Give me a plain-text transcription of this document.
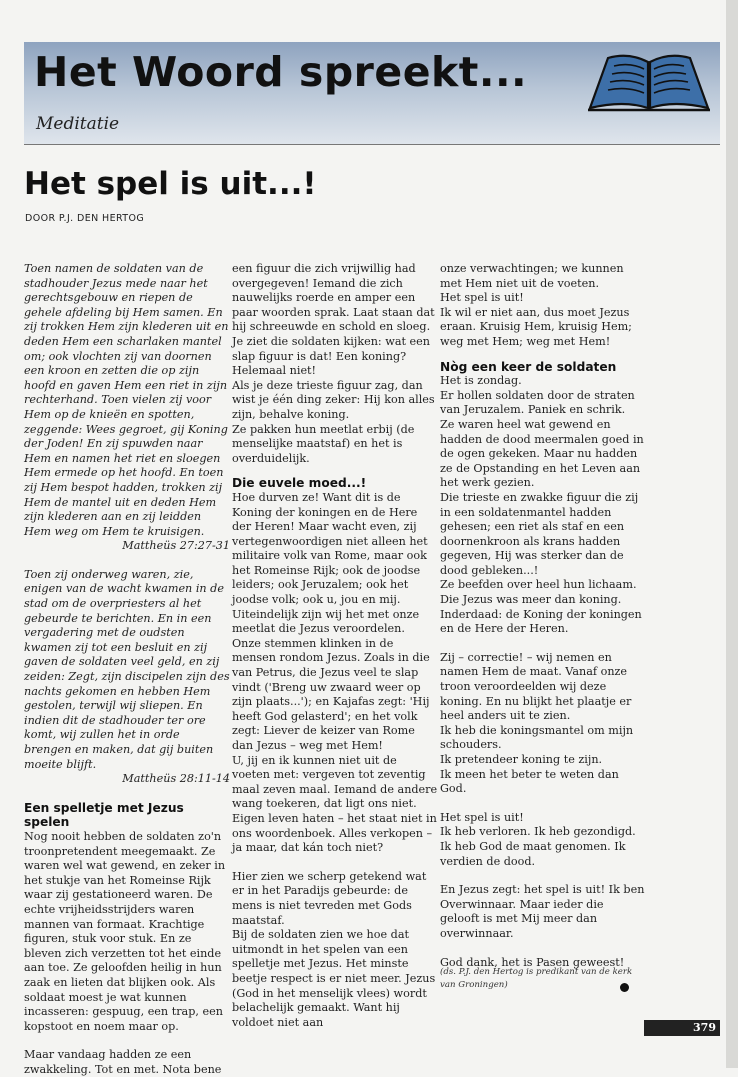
Het Woord spreekt...
Meditatie
Het spel is uit...!
DOOR P.J. DEN HERTOG

Toen namen de soldaten van de stadhouder Jezus mede naar het gerechtsgebouw en riepen de gehele afdeling bij Hem samen. En zij trokken Hem zijn klederen uit en deden Hem een scharlaken mantel om; ook vlochten zij van doornen een kroon en zetten die op zijn hoofd en gaven Hem een riet in zijn rechterhand. Toen vielen zij voor Hem op de knieën en spotten, zeggende: Wees gegroet, gij Koning der Joden! En zij spuwden naar Hem en namen het riet en sloegen Hem ermede op het hoofd. En toen zij Hem bespot hadden, trokken zij Hem de mantel uit en deden Hem zijn klederen aan en zij leidden Hem weg om Hem te kruisigen.

Mattheüs 27:27-31

Toen zij onderweg waren, zie, enigen van de wacht kwamen in de stad om de overpriesters al het gebeurde te berichten. En in een vergadering met de oudsten kwamen zij tot een besluit en zij gaven de soldaten veel geld, en zij zeiden: Zegt, zijn discipelen zijn des nachts gekomen en hebben Hem gestolen, terwijl wij sliepen. En indien dit de stadhouder ter ore komt, wij zullen het in orde brengen en maken, dat gij buiten moeite blijft.

Mattheüs 28:11-14

Een spelletje met Jezus spelen

Nog nooit hebben de soldaten zo'n troonpretendent meegemaakt. Ze waren wel wat gewend, en zeker in het stukje van het Romeinse Rijk waar zij gestationeerd waren. De echte vrijheidsstrijders waren mannen van formaat. Krachtige figuren, stuk voor stuk. En ze bleven zich verzetten tot het einde aan toe. Ze geloofden heilig in hun zaak en lieten dat blijken ook. Als soldaat moest je wat kunnen incasseren: gespuug, een trap, een kopstoot en noem maar op.

Maar vandaag hadden ze een zwakkeling. Tot en met. Nota bene

een figuur die zich vrijwillig had overgegeven! Iemand die zich nauwelijks roerde en amper een paar woorden sprak. Laat staan dat hij schreeuwde en schold en sloeg.

Je ziet die soldaten kijken: wat een slap figuur is dat! Een koning? Helemaal niet!

Als je deze trieste figuur zag, dan wist je één ding zeker: Hij kon alles zijn, behalve koning.

Ze pakken hun meetlat erbij (de menselijke maatstaf) en het is overduidelijk.

Die euvele moed...!

Hoe durven ze! Want dit is de Koning der koningen en de Here der Heren! Maar wacht even, zij vertegenwoordigen niet alleen het militaire volk van Rome, maar ook het Romeinse Rijk; ook de joodse leiders; ook Jeruzalem; ook het joodse volk; ook u, jou en mij.

Uiteindelijk zijn wij het met onze meetlat die Jezus veroordelen.

Onze stemmen klinken in de mensen rondom Jezus. Zoals in die van Petrus, die Jezus veel te slap vindt ('Breng uw zwaard weer op zijn plaats...'); en Kajafas zegt: 'Hij heeft God gelasterd'; en het volk zegt: Liever de keizer van Rome dan Jezus – weg met Hem!

U, jij en ik kunnen niet uit de voeten met: vergeven tot zeventig maal zeven maal. Iemand de andere wang toekeren, dat ligt ons niet. Eigen leven haten – het staat niet in ons woordenboek. Alles verkopen – ja maar, dat kán toch niet?

Hier zien we scherp getekend wat er in het Paradijs gebeurde: de mens is niet tevreden met Gods maatstaf.

Bij de soldaten zien we hoe dat uitmondt in het spelen van een spelletje met Jezus. Het minste beetje respect is er niet meer. Jezus (God in het menselijk vlees) wordt belachelijk gemaakt. Want hij voldoet niet aan

onze verwachtingen; we kunnen met Hem niet uit de voeten.

Het spel is uit!

Ik wil er niet aan, dus moet Jezus eraan. Kruisig Hem, kruisig Hem; weg met Hem; weg met Hem!

Nòg een keer de soldaten

Het is zondag.

Er hollen soldaten door de straten van Jeruzalem. Paniek en schrik.

Ze waren heel wat gewend en hadden de dood meermalen goed in de ogen gekeken. Maar nu hadden ze de Opstanding en het Leven aan het werk gezien.

Die trieste en zwakke figuur die zij in een soldatenmantel hadden gehesen; een riet als staf en een doornenkroon als krans hadden gegeven, Hij was sterker dan de dood gebleken...!

Ze beefden over heel hun lichaam.

Die Jezus was meer dan koning.

Inderdaad: de Koning der koningen en de Here der Heren.

Zij – correctie! – wij nemen en namen Hem de maat. Vanaf onze troon veroordeelden wij deze koning. En nu blijkt het plaatje er heel anders uit te zien.

Ik heb die koningsmantel om mijn schouders.

Ik pretendeer koning te zijn.

Ik meen het beter te weten dan God.

Het spel is uit!

Ik heb verloren. Ik heb gezondigd. Ik heb God de maat genomen. Ik verdien de dood.

En Jezus zegt: het spel is uit! Ik ben Overwinnaar. Maar ieder die gelooft is met Mij meer dan overwinnaar.

God dank, het is Pasen geweest!

(ds. P.J. den Hertog is predikant van de kerk van Groningen)
379
